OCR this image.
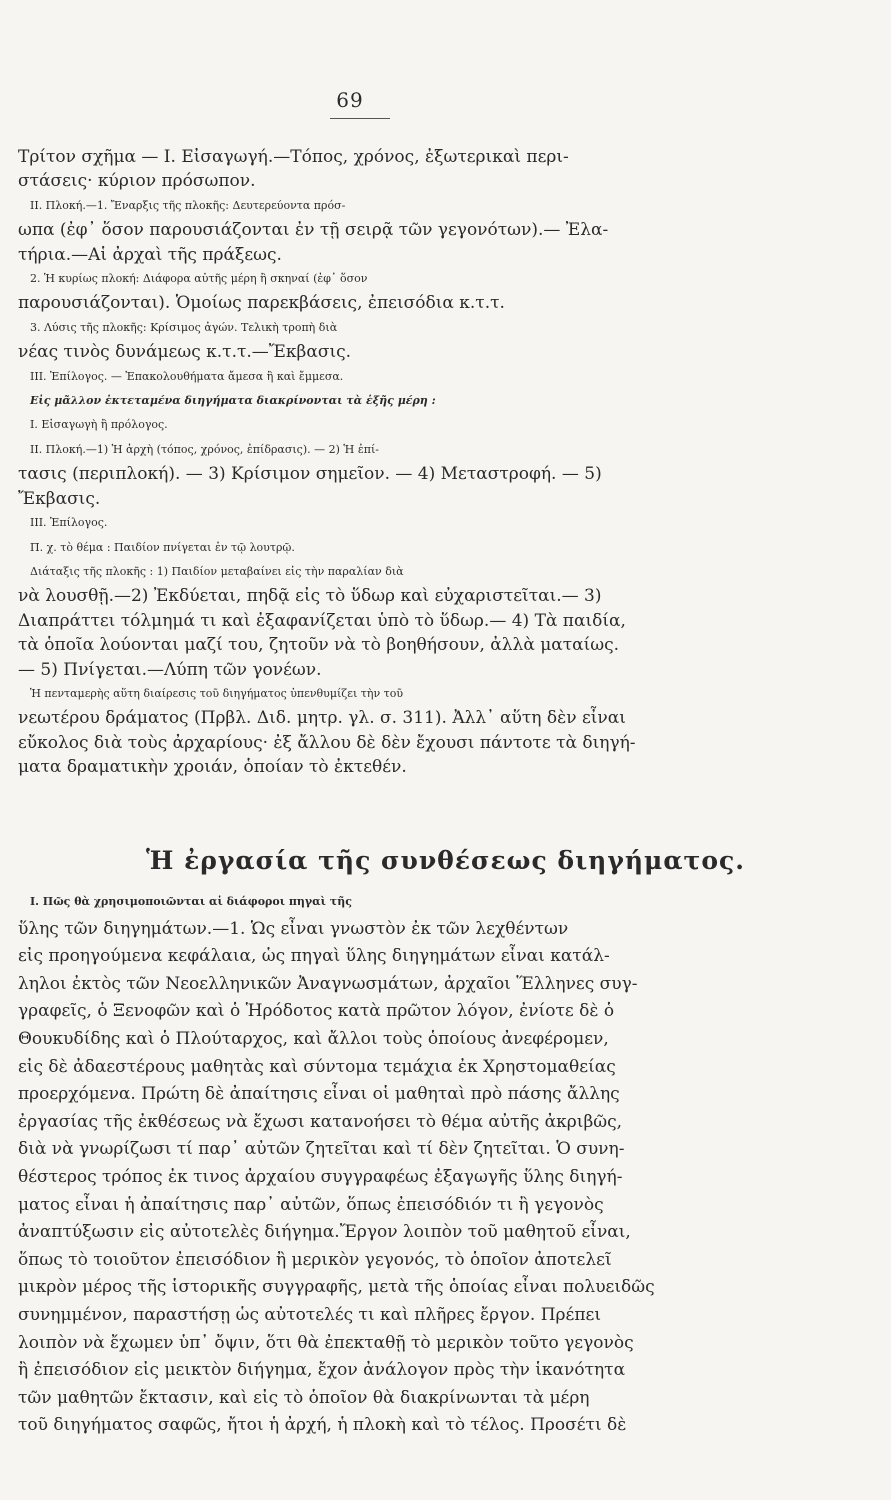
69

Τρίτον σχῆμα — Ι. Εἰσαγωγή.—Τόπος, χρόνος, ἐξωτερικαὶ περι-

στάσεις· κύριον πρόσωπον.

ΙΙ. Πλοκή.—1. Ἔναρξις τῆς πλοκῆς: Δευτερεύοντα πρόσ-

ωπα (ἐφ᾿ ὅσον παρουσιάζονται ἐν τῇ σειρᾷ τῶν γεγονότων).— Ἐλα-

τήρια.—Αἱ ἀρχαὶ τῆς πράξεως.

2. Ἡ κυρίως πλοκή: Διάφορα αὐτῆς μέρη ἢ σκηναί (ἐφ᾿ ὅσον

παρουσιάζονται). Ὁμοίως παρεκβάσεις, ἐπεισόδια κ.τ.τ.

3. Λύσις τῆς πλοκῆς: Κρίσιμος ἀγών. Τελικὴ τροπὴ διὰ

νέας τινὸς δυνάμεως κ.τ.τ.—Ἔκβασις.

ΙΙΙ. Ἐπίλογος. — Ἐπακολουθήματα ἄμεσα ἢ καὶ ἔμμεσα.

Εἰς μᾶλλον ἐκτεταμένα διηγήματα διακρίνονται τὰ ἑξῆς μέρη :

Ι. Εἰσαγωγὴ ἢ πρόλογος.

ΙΙ. Πλοκή.—1) Ἡ ἀρχὴ (τόπος, χρόνος, ἐπίδρασις). — 2) Ἡ ἐπί-

τασις (περιπλοκή). — 3) Κρίσιμον σημεῖον. — 4) Μεταστροφή. — 5)

Ἔκβασις.

ΙΙΙ. Ἐπίλογος.

Π. χ. τὸ θέμα : Παιδίον πνίγεται ἐν τῷ λουτρῷ.

Διάταξις τῆς πλοκῆς : 1) Παιδίον μεταβαίνει εἰς τὴν παραλίαν διὰ

νὰ λουσθῇ.—2) Ἐκδύεται, πηδᾷ εἰς τὸ ὕδωρ καὶ εὐχαριστεῖται.— 3)

Διαπράττει τόλμημά τι καὶ ἐξαφανίζεται ὑπὸ τὸ ὕδωρ.— 4) Τὰ παιδία,

τὰ ὁποῖα λούονται μαζί του, ζητοῦν νὰ τὸ βοηθήσουν, ἀλλὰ ματαίως.

— 5) Πνίγεται.—Λύπη τῶν γονέων.

Ἡ πενταμερὴς αὕτη διαίρεσις τοῦ διηγήματος ὑπενθυμίζει τὴν τοῦ

νεωτέρου δράματος (Πρβλ. Διδ. μητρ. γλ. σ. 311). Ἀλλ᾿ αὕτη δὲν εἶναι

εὔκολος διὰ τοὺς ἀρχαρίους· ἐξ ἄλλου δὲ δὲν ἔχουσι πάντοτε τὰ διηγή-

ματα δραματικὴν χροιάν, ὁποίαν τὸ ἐκτεθέν.

Ἡ ἐργασία τῆς συνθέσεως διηγήματος.

Ι. Πῶς θὰ χρησιμοποιῶνται αἱ διάφοροι πηγαὶ τῆς

ὕλης τῶν διηγημάτων.—1. Ὡς εἶναι γνωστὸν ἐκ τῶν λεχθέντων

εἰς προηγούμενα κεφάλαια, ὡς πηγαὶ ὕλης διηγημάτων εἶναι κατάλ-

ληλοι ἐκτὸς τῶν Νεοελληνικῶν Ἀναγνωσμάτων, ἀρχαῖοι Ἕλληνες συγ-

γραφεῖς, ὁ Ξενοφῶν καὶ ὁ Ἡρόδοτος κατὰ πρῶτον λόγον, ἐνίοτε δὲ ὁ

Θουκυδίδης καὶ ὁ Πλούταρχος, καὶ ἄλλοι τοὺς ὁποίους ἀνεφέρομεν,

εἰς δὲ ἀδαεστέρους μαθητὰς καὶ σύντομα τεμάχια ἐκ Χρηστομαθείας

προερχόμενα. Πρώτη δὲ ἀπαίτησις εἶναι οἱ μαθηταὶ πρὸ πάσης ἄλλης

ἐργασίας τῆς ἐκθέσεως νὰ ἔχωσι κατανοήσει τὸ θέμα αὐτῆς ἀκριβῶς,

διὰ νὰ γνωρίζωσι τί παρ᾿ αὐτῶν ζητεῖται καὶ τί δὲν ζητεῖται. Ὁ συνη-

θέστερος τρόπος ἐκ τινος ἀρχαίου συγγραφέως ἐξαγωγῆς ὕλης διηγή-

ματος εἶναι ἡ ἀπαίτησις παρ᾿ αὐτῶν, ὅπως ἐπεισόδιόν τι ἢ γεγονὸς

ἀναπτύξωσιν εἰς αὐτοτελὲς διήγημα.Ἔργον λοιπὸν τοῦ μαθητοῦ εἶναι,

ὅπως τὸ τοιοῦτον ἐπεισόδιον ἢ μερικὸν γεγονός, τὸ ὁποῖον ἀποτελεῖ

μικρὸν μέρος τῆς ἱστορικῆς συγγραφῆς, μετὰ τῆς ὁποίας εἶναι πολυειδῶς

συνημμένον, παραστήσῃ ὡς αὐτοτελές τι καὶ πλῆρες ἔργον. Πρέπει

λοιπὸν νὰ ἔχωμεν ὑπ᾿ ὄψιν, ὅτι θὰ ἐπεκταθῇ τὸ μερικὸν τοῦτο γεγονὸς

ἢ ἐπεισόδιον εἰς μεικτὸν διήγημα, ἔχον ἀνάλογον πρὸς τὴν ἱκανότητα

τῶν μαθητῶν ἔκτασιν, καὶ εἰς τὸ ὁποῖον θὰ διακρίνωνται τὰ μέρη

τοῦ διηγήματος σαφῶς, ἤτοι ἡ ἀρχή, ἡ πλοκὴ καὶ τὸ τέλος. Προσέτι δὲ
